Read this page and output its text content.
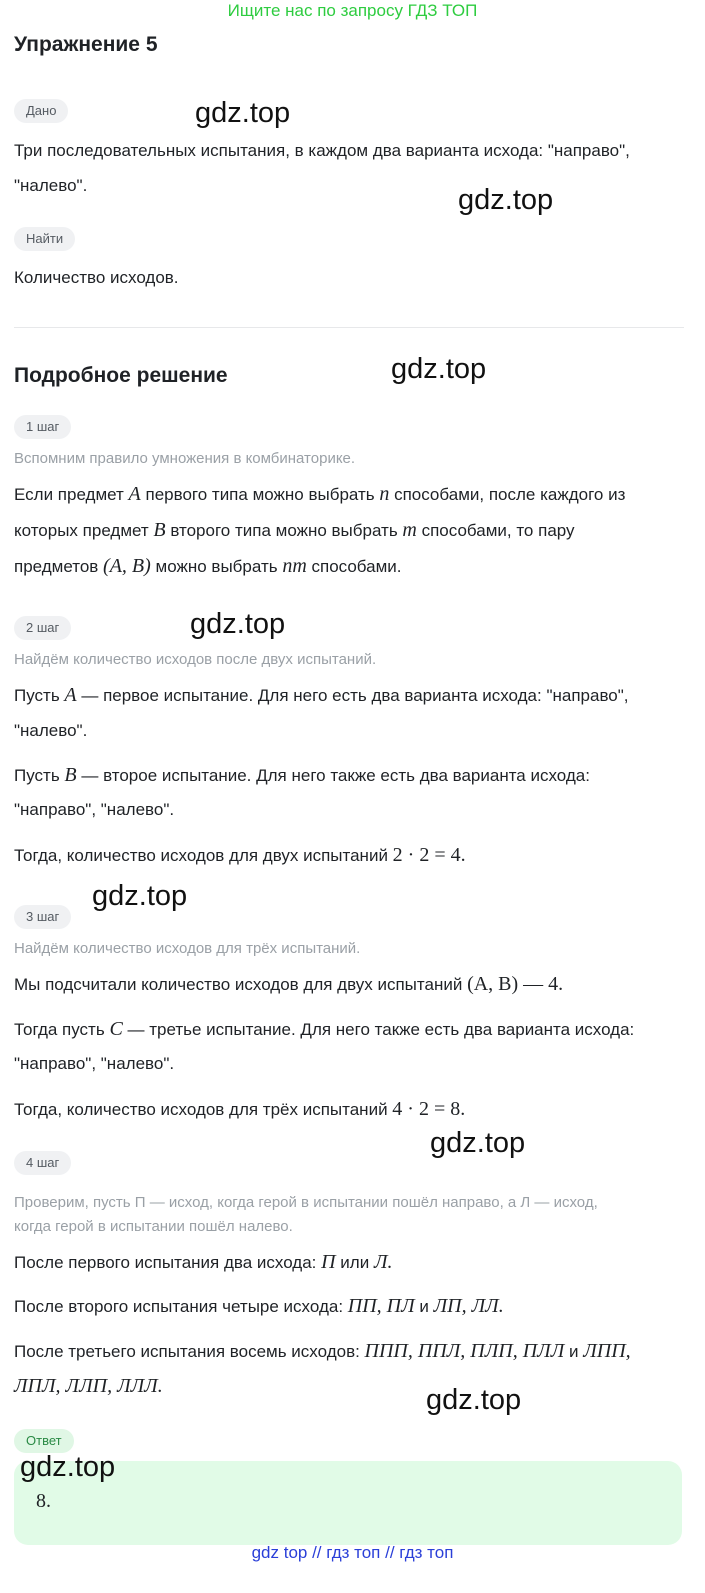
Ищите нас по запросу ГДЗ ТОП
Упражнение 5
Дано
Три последовательных испытания, в каждом два варианта исхода: "направо",
"налево".
Найти
Количество исходов.
Подробное решение
1 шаг
Вспомним правило умножения в комбинаторике.
Если предмет A первого типа можно выбрать n способами, после каждого из
которых предмет B второго типа можно выбрать m способами, то пару
предметов (A, B) можно выбрать nm способами.
2 шаг
Найдём количество исходов после двух испытаний.
Пусть A — первое испытание. Для него есть два варианта исхода: "направо",
"налево".
Пусть B — второе испытание. Для него также есть два варианта исхода:
"направо", "налево".
Тогда, количество исходов для двух испытаний 2 · 2 = 4.
3 шаг
Найдём количество исходов для трёх испытаний.
Мы подсчитали количество исходов для двух испытаний (A, B) — 4.
Тогда пусть C — третье испытание. Для него также есть два варианта исхода:
"направо", "налево".
Тогда, количество исходов для трёх испытаний 4 · 2 = 8.
4 шаг
Проверим, пусть П — исход, когда герой в испытании пошёл направо, а Л — исход,
когда герой в испытании пошёл налево.
После первого испытания два исхода: П или Л.
После второго испытания четыре исхода: ПП, ПЛ и ЛП, ЛЛ.
После третьего испытания восемь исходов: ППП, ППЛ, ПЛП, ПЛЛ и ЛПП,
ЛПЛ, ЛЛП, ЛЛЛ.
Ответ
8.
gdz.top
gdz.top
gdz.top
gdz.top
gdz.top
gdz.top
gdz.top
gdz.top
gdz top // гдз топ // гдз топ
